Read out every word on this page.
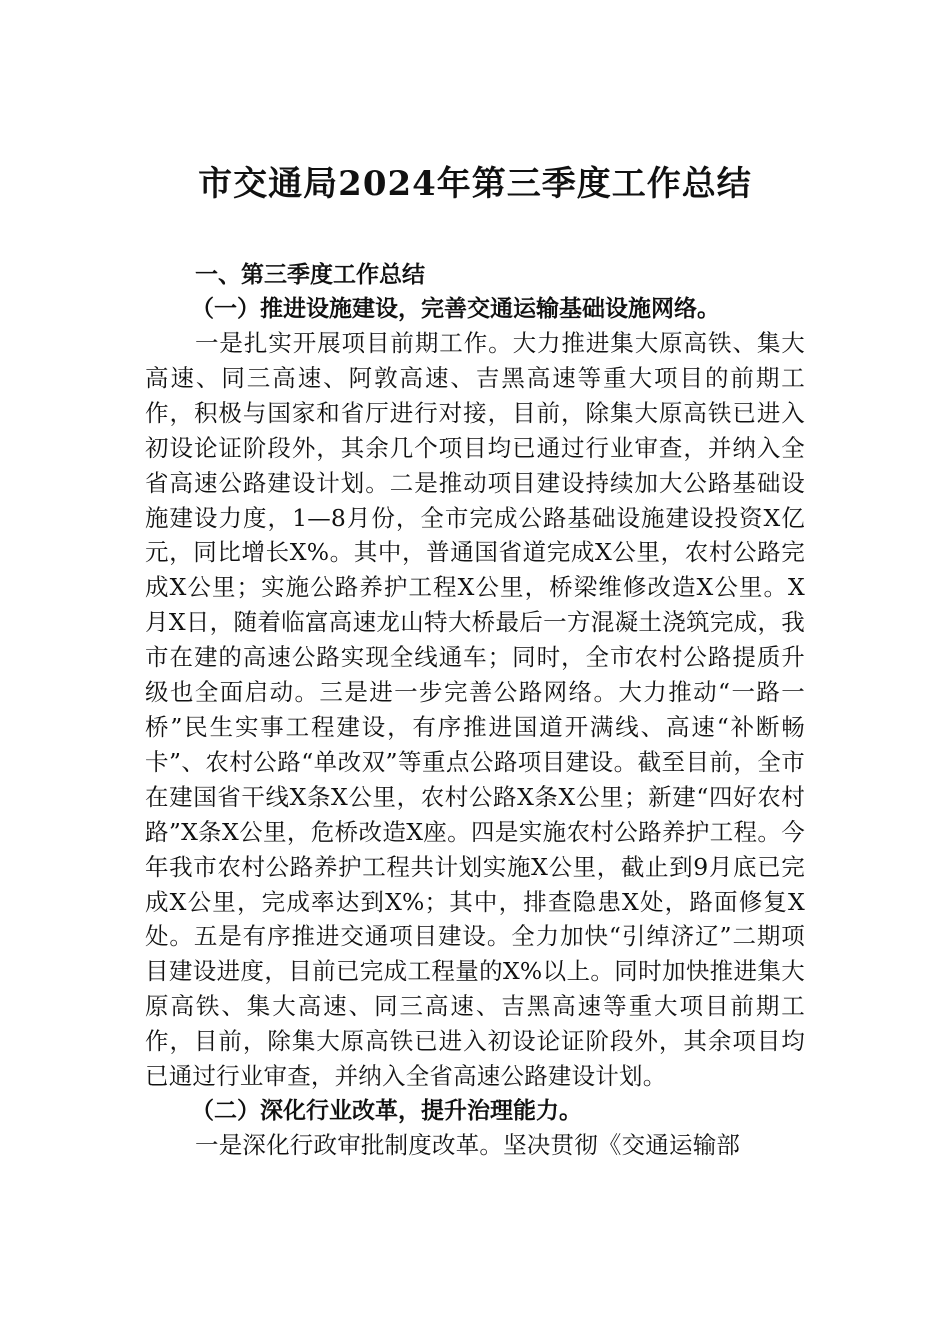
市交通局2024年第三季度工作总结

一、第三季度工作总结

（一）推进设施建设，完善交通运输基础设施网络。

一是扎实开展项目前期工作。大力推进集大原高铁、集大高速、同三高速、阿敦高速、吉黑高速等重大项目的前期工作，积极与国家和省厅进行对接，目前，除集大原高铁已进入初设论证阶段外，其余几个项目均已通过行业审查，并纳入全省高速公路建设计划。二是推动项目建设持续加大公路基础设施建设力度，1—8月份，全市完成公路基础设施建设投资X亿元，同比增长X%。其中，普通国省道完成X公里，农村公路完成X公里；实施公路养护工程X公里，桥梁维修改造X公里。X月X日，随着临富高速龙山特大桥最后一方混凝土浇筑完成，我市在建的高速公路实现全线通车；同时，全市农村公路提质升级也全面启动。三是进一步完善公路网络。大力推动“一路一桥”民生实事工程建设，有序推进国道开满线、高速“补断畅卡”、农村公路“单改双”等重点公路项目建设。截至目前，全市在建国省干线X条X公里，农村公路X条X公里；新建“四好农村路”X条X公里，危桥改造X座。四是实施农村公路养护工程。今年我市农村公路养护工程共计划实施X公里，截止到9月底已完成X公里，完成率达到X%；其中，排查隐患X处，路面修复X处。五是有序推进交通项目建设。全力加快“引绰济辽”二期项目建设进度，目前已完成工程量的X%以上。同时加快推进集大原高铁、集大高速、同三高速、吉黑高速等重大项目前期工作，目前，除集大原高铁已进入初设论证阶段外，其余项目均已通过行业审查，并纳入全省高速公路建设计划。

（二）深化行业改革，提升治理能力。

一是深化行政审批制度改革。坚决贯彻《交通运输部
